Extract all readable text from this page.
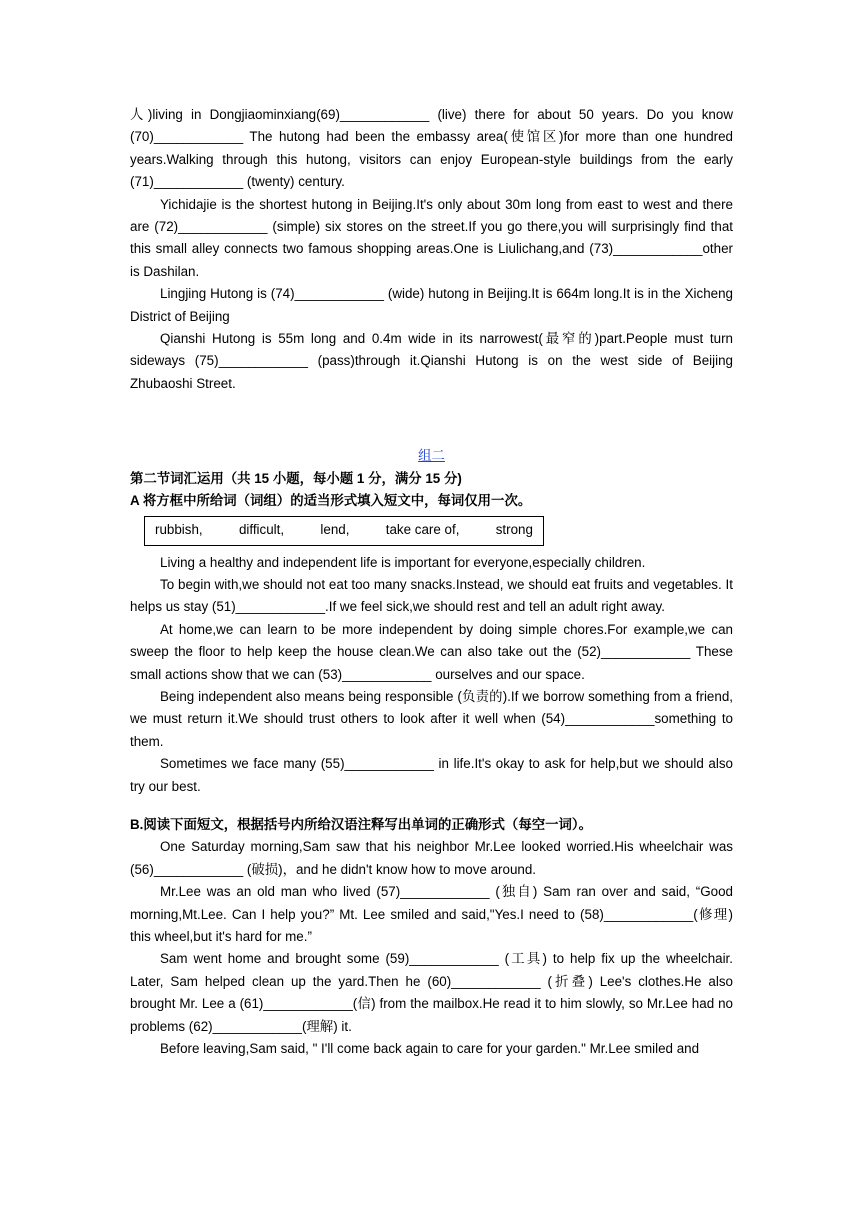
人)living in Dongjiaominxiang(69)____________ (live) there for about 50 years. Do you know (70)____________ The hutong had been the embassy area(使馆区)for more than one hundred years.Walking through this hutong, visitors can enjoy European-style buildings from the early (71)____________ (twenty) century.

Yichidajie is the shortest hutong in Beijing.It's only about 30m long from east to west and there are (72)____________ (simple) six stores on the street.If you go there,you will surprisingly find that this small alley connects two famous shopping areas.One is Liulichang,and (73)____________other is Dashilan.

Lingjing Hutong is (74)____________ (wide) hutong in Beijing.It is 664m long.It is in the Xicheng District of Beijing

Qianshi Hutong is 55m long and 0.4m wide in its narrowest(最窄的)part.People must turn sideways (75)____________ (pass)through it.Qianshi Hutong is on the west side of Beijing Zhubaoshi Street.

组二

第二节词汇运用（共 15 小题，每小题 1 分，满分 15 分)

A 将方框中所给词（词组）的适当形式填入短文中，每词仅用一次。

rubbish,	difficult,	lend,	take care of,	strong

Living a healthy and independent life is important for everyone,especially children.

To begin with,we should not eat too many snacks.Instead, we should eat fruits and vegetables. It helps us stay (51)____________.If we feel sick,we should rest and tell an adult right away.

At home,we can learn to be more independent by doing simple chores.For example,we can sweep the floor to help keep the house clean.We can also take out the (52)____________ These small actions show that we can (53)____________ ourselves and our space.

Being independent also means being responsible (负责的).If we borrow something from a friend, we must return it.We should trust others to look after it well when (54)____________something to them.

Sometimes we face many (55)____________ in life.It's okay to ask for help,but we should also try our best.

B.阅读下面短文，根据括号内所给汉语注释写出单词的正确形式（每空一词）。

One Saturday morning,Sam saw that his neighbor Mr.Lee looked worried.His wheelchair was (56)____________ (破损)，and he didn't know how to move around.

Mr.Lee was an old man who lived (57)____________ (独自) Sam ran over and said, “Good morning,Mt.Lee. Can I help you?” Mt. Lee smiled and said,"Yes.I need to (58)____________(修理) this wheel,but it's hard for me.”

Sam went home and brought some (59)____________ (工具) to help fix up the wheelchair. Later, Sam helped clean up the yard.Then he (60)____________ (折叠) Lee's clothes.He also brought Mr. Lee a (61)____________(信) from the mailbox.He read it to him slowly, so Mr.Lee had no problems (62)____________(理解) it.

Before leaving,Sam said, " I'll come back again to care for your garden." Mr.Lee smiled and
